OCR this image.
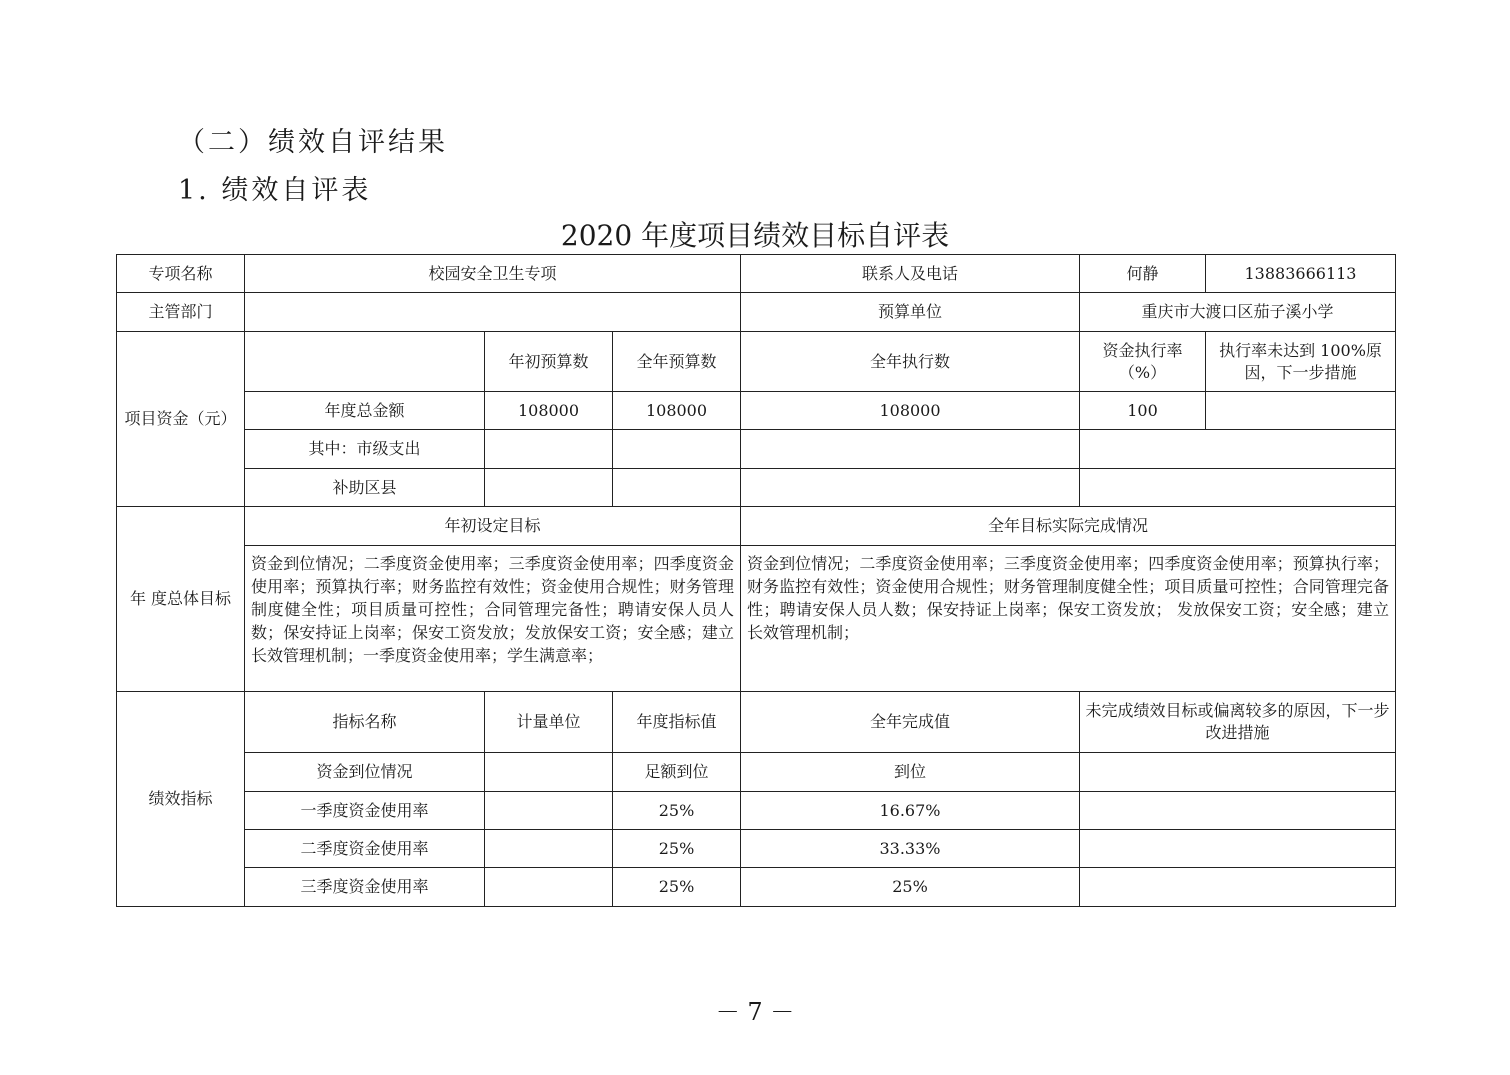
（二）绩效自评结果
1. 绩效自评表
2020 年度项目绩效目标自评表
专项名称	校园安全卫生专项			联系人及电话	何静	13883666113
主管部门				预算单位	重庆市大渡口区茄子溪小学	
项目资金（元）		年初预算数	全年预算数	全年执行数	资金执行率（%）	执行率未达到 100%原因，下一步措施
	年度总金额	108000	108000	108000	100	
	其中：市级支出					
	补助区县					
年 度总体目标	年初设定目标			全年目标实际完成情况		
	资金到位情况；二季度资金使用率；三季度资金使用率；四季度资金使用率；预算执行率；财务监控有效性；资金使用合规性；财务管理制度健全性；项目质量可控性；合同管理完备性；聘请安保人员人数；保安持证上岗率；保安工资发放；发放保安工资；安全感；建立长效管理机制；一季度资金使用率；学生满意率；			资金到位情况；二季度资金使用率；三季度资金使用率；四季度资金使用率；预算执行率；财务监控有效性；资金使用合规性；财务管理制度健全性；项目质量可控性；合同管理完备性；聘请安保人员人数；保安持证上岗率；保安工资发放； 发放保安工资；安全感；建立长效管理机制；		
绩效指标	指标名称	计量单位	年度指标值	全年完成值	未完成绩效目标或偏离较多的原因，下一步改进措施	
	资金到位情况		足额到位	到位		
	一季度资金使用率		25%	16.67%		
	二季度资金使用率		25%	33.33%		
	三季度资金使用率		25%	25%		
－ 7 －
